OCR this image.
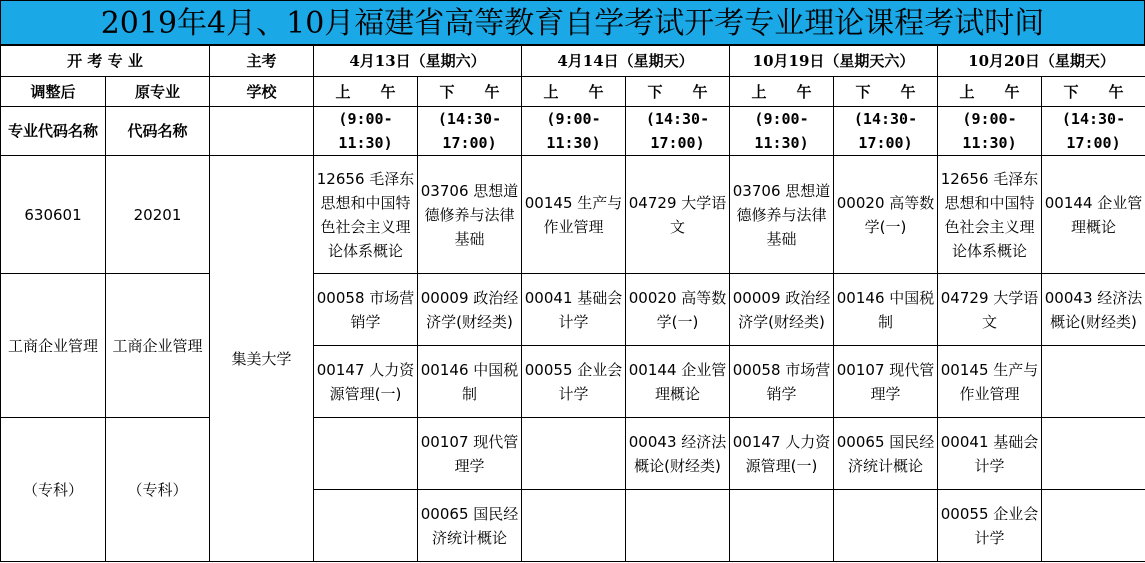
2019年4月、10月福建省高等教育自学考试开考专业理论课程考试时间
开 考 专 业		主考	4月13日（星期六）		4月14日（星期天）		10月19日（星期天六）		10月20日（星期天）	
调整后	原专业	学校	上　　午	下　　午	上　　午	下　　午	上　　午	下　　午	上　　午	下　　午
专业代码名称	代码名称		(9:00-11:30)	(14:30-17:00)	(9:00-11:30)	(14:30-17:00)	(9:00-11:30)	(14:30-17:00)	(9:00-11:30)	(14:30-17:00)
630601	20201	集美大学	12656 毛泽东思想和中国特色社会主义理论体系概论	03706 思想道德修养与法律基础	00145 生产与作业管理	04729 大学语文	03706 思想道德修养与法律基础	00020 高等数学(一)	12656 毛泽东思想和中国特色社会主义理论体系概论	00144 企业管理概论
工商企业管理	工商企业管理		00058 市场营销学	00009 政治经济学(财经类)	00041 基础会计学	00020 高等数学(一)	00009 政治经济学(财经类)	00146 中国税制	04729 大学语文	00043 经济法概论(财经类)
			00147 人力资源管理(一)	00146 中国税制	00055 企业会计学	00144 企业管理概论	00058 市场营销学	00107 现代管理学	00145 生产与作业管理	
（专科）	（专科）			00107 现代管理学		00043 经济法概论(财经类)	00147 人力资源管理(一)	00065 国民经济统计概论	00041 基础会计学	
				00065 国民经济统计概论					00055 企业会计学	
